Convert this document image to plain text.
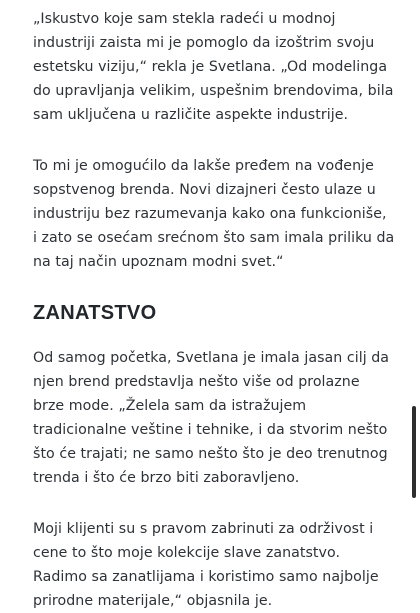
„Iskustvo koje sam stekla radeći u modnoj industriji zaista mi je pomoglo da izoštrim svoju estetsku viziju,“ rekla je Svetlana. „Od modelinga do upravljanja velikim, uspešnim brendovima, bila sam uključena u različite aspekte industrije.

To mi je omogućilo da lakše pređem na vođenje sopstvenog brenda. Novi dizajneri često ulaze u industriju bez razumevanja kako ona funkcioniše, i zato se osećam srećnom što sam imala priliku da na taj način upoznam modni svet.“

ZANATSTVO

Od samog početka, Svetlana je imala jasan cilj da njen brend predstavlja nešto više od prolazne brze mode. „Želela sam da istražujem tradicionalne veštine i tehnike, i da stvorim nešto što će trajati; ne samo nešto što je deo trenutnog trenda i što će brzo biti zaboravljeno.

Moji klijenti su s pravom zabrinuti za održivost i cene to što moje kolekcije slave zanatstvo. Radimo sa zanatlijama i koristimo samo najbolje prirodne materijale,“ objasnila je.
